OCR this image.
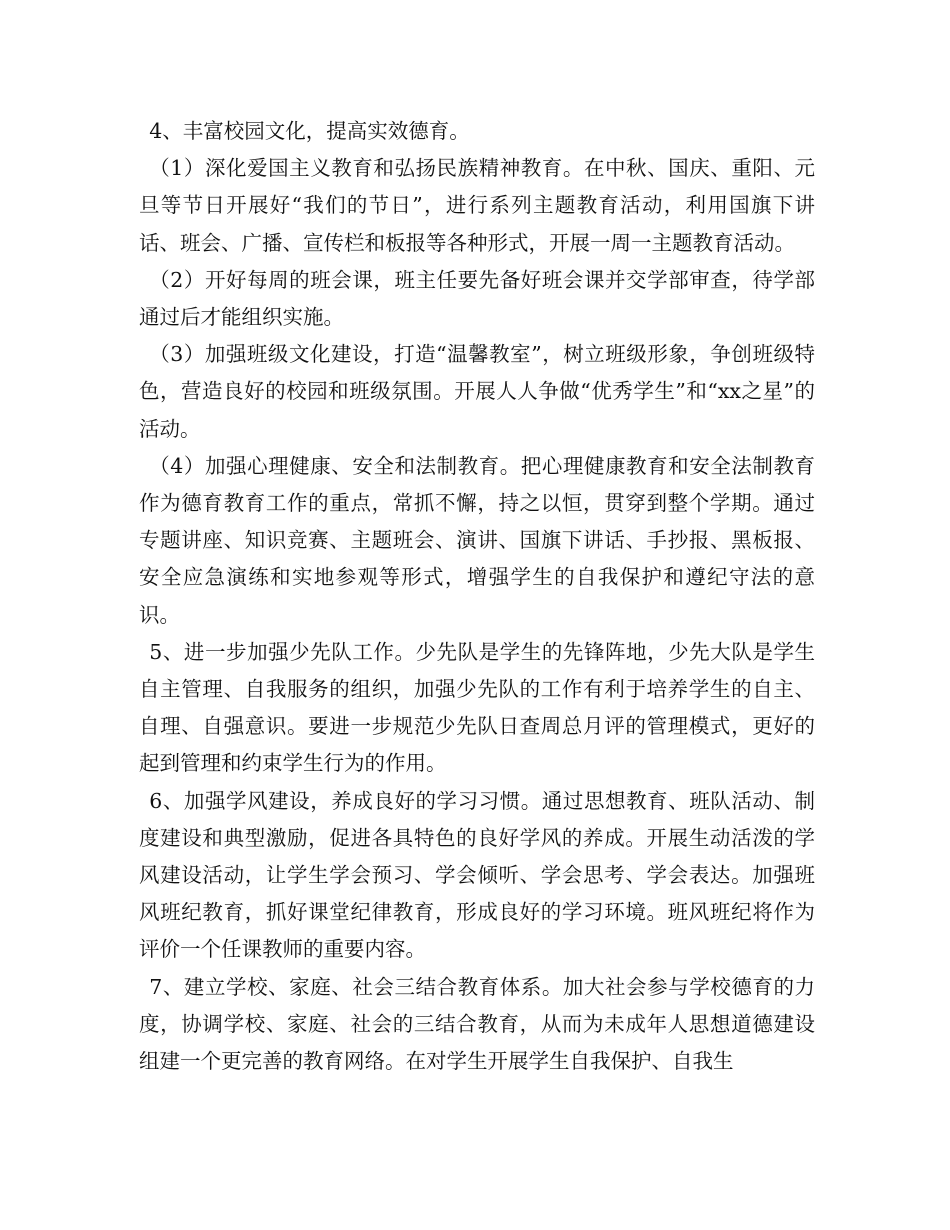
4、丰富校园文化，提高实效德育。

（1）深化爱国主义教育和弘扬民族精神教育。在中秋、国庆、重阳、元旦等节日开展好“我们的节日”，进行系列主题教育活动，利用国旗下讲话、班会、广播、宣传栏和板报等各种形式，开展一周一主题教育活动。

（2）开好每周的班会课，班主任要先备好班会课并交学部审查，待学部通过后才能组织实施。

（3）加强班级文化建设，打造“温馨教室”，树立班级形象，争创班级特色，营造良好的校园和班级氛围。开展人人争做“优秀学生”和“xx之星”的活动。

（4）加强心理健康、安全和法制教育。把心理健康教育和安全法制教育作为德育教育工作的重点，常抓不懈，持之以恒，贯穿到整个学期。通过专题讲座、知识竞赛、主题班会、演讲、国旗下讲话、手抄报、黑板报、安全应急演练和实地参观等形式，增强学生的自我保护和遵纪守法的意识。

5、进一步加强少先队工作。少先队是学生的先锋阵地，少先大队是学生自主管理、自我服务的组织，加强少先队的工作有利于培养学生的自主、自理、自强意识。要进一步规范少先队日查周总月评的管理模式，更好的起到管理和约束学生行为的作用。

6、加强学风建设，养成良好的学习习惯。通过思想教育、班队活动、制度建设和典型激励，促进各具特色的良好学风的养成。开展生动活泼的学风建设活动，让学生学会预习、学会倾听、学会思考、学会表达。加强班风班纪教育，抓好课堂纪律教育，形成良好的学习环境。班风班纪将作为评价一个任课教师的重要内容。

7、建立学校、家庭、社会三结合教育体系。加大社会参与学校德育的力度，协调学校、家庭、社会的三结合教育，从而为未成年人思想道德建设组建一个更完善的教育网络。在对学生开展学生自我保护、自我生
